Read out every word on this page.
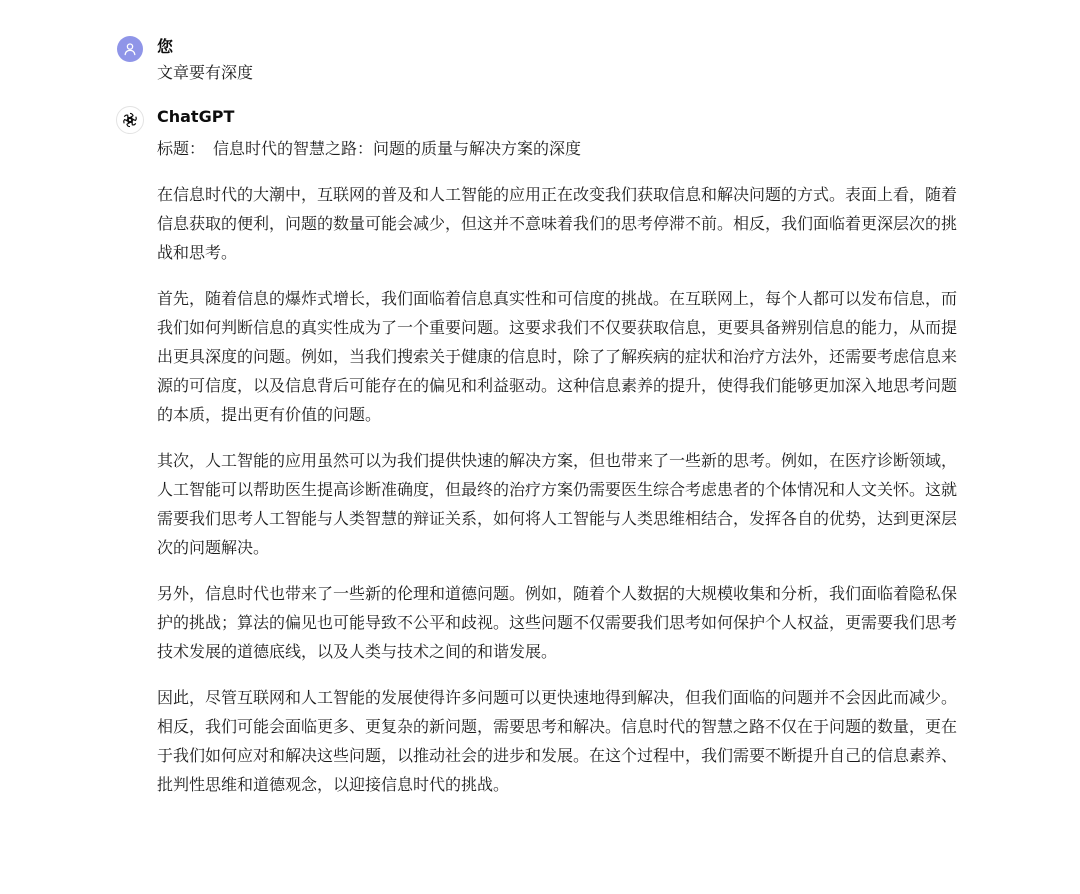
您
文章要有深度
ChatGPT
标题： 信息时代的智慧之路：问题的质量与解决方案的深度

在信息时代的大潮中，互联网的普及和人工智能的应用正在改变我们获取信息和解决问题的方式。表面上看，随着信息获取的便利，问题的数量可能会减少，但这并不意味着我们的思考停滞不前。相反，我们面临着更深层次的挑战和思考。

首先，随着信息的爆炸式增长，我们面临着信息真实性和可信度的挑战。在互联网上，每个人都可以发布信息，而我们如何判断信息的真实性成为了一个重要问题。这要求我们不仅要获取信息，更要具备辨别信息的能力，从而提出更具深度的问题。例如，当我们搜索关于健康的信息时，除了了解疾病的症状和治疗方法外，还需要考虑信息来源的可信度，以及信息背后可能存在的偏见和利益驱动。这种信息素养的提升，使得我们能够更加深入地思考问题的本质，提出更有价值的问题。

其次，人工智能的应用虽然可以为我们提供快速的解决方案，但也带来了一些新的思考。例如，在医疗诊断领域，人工智能可以帮助医生提高诊断准确度，但最终的治疗方案仍需要医生综合考虑患者的个体情况和人文关怀。这就需要我们思考人工智能与人类智慧的辩证关系，如何将人工智能与人类思维相结合，发挥各自的优势，达到更深层次的问题解决。

另外，信息时代也带来了一些新的伦理和道德问题。例如，随着个人数据的大规模收集和分析，我们面临着隐私保护的挑战；算法的偏见也可能导致不公平和歧视。这些问题不仅需要我们思考如何保护个人权益，更需要我们思考技术发展的道德底线，以及人类与技术之间的和谐发展。

因此，尽管互联网和人工智能的发展使得许多问题可以更快速地得到解决，但我们面临的问题并不会因此而减少。相反，我们可能会面临更多、更复杂的新问题，需要思考和解决。信息时代的智慧之路不仅在于问题的数量，更在于我们如何应对和解决这些问题，以推动社会的进步和发展。在这个过程中，我们需要不断提升自己的信息素养、批判性思维和道德观念，以迎接信息时代的挑战。
